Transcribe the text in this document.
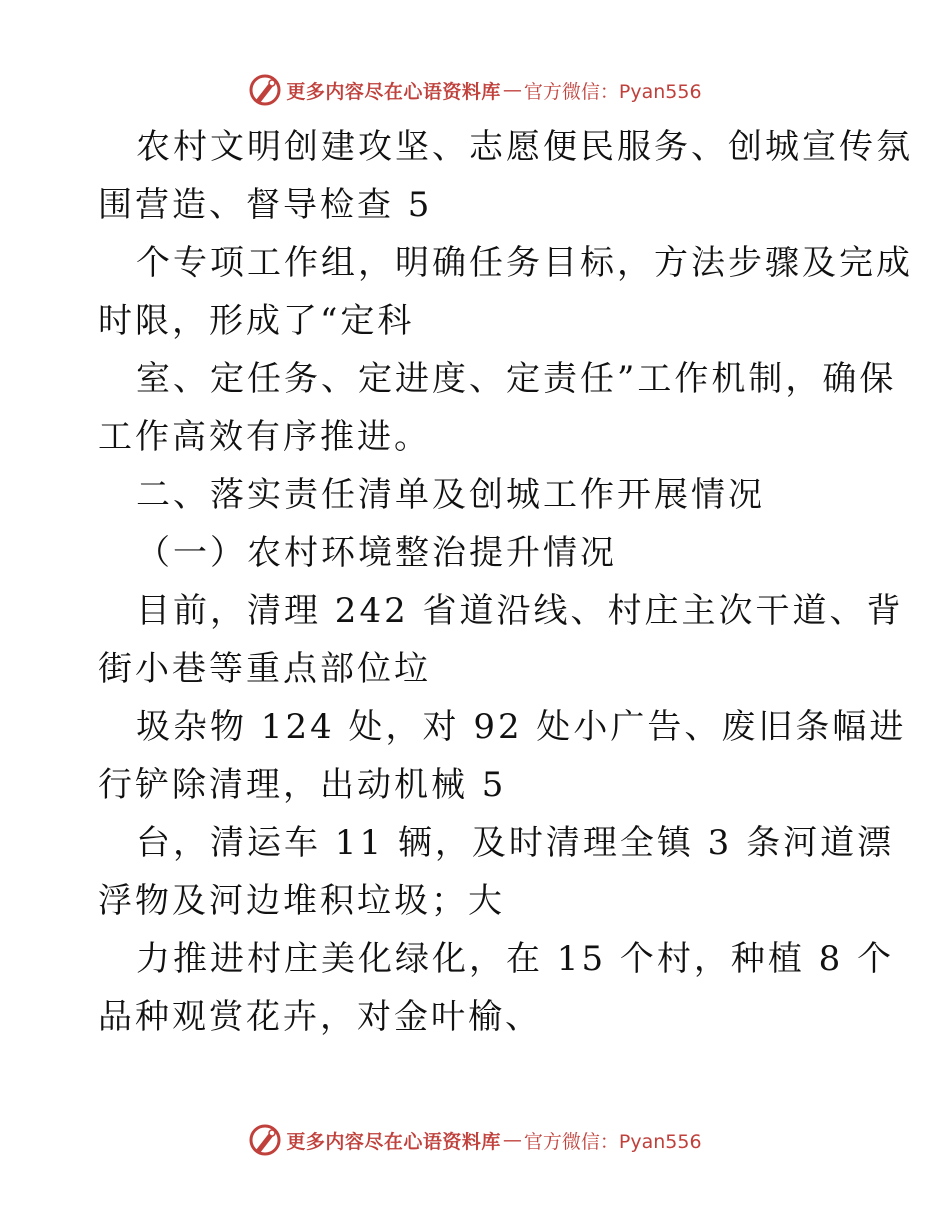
更多内容尽在心语资料库 — 官方微信：Pyan556
农村文明创建攻坚、志愿便民服务、创城宣传氛
围营造、督导检查 5
个专项工作组，明确任务目标，方法步骤及完成
时限，形成了“定科
室、定任务、定进度、定责任”工作机制，确保
工作高效有序推进。
二、落实责任清单及创城工作开展情况
（一）农村环境整治提升情况
目前，清理 242 省道沿线、村庄主次干道、背
街小巷等重点部位垃
圾杂物 124 处，对 92 处小广告、废旧条幅进
行铲除清理，出动机械 5
台，清运车 11 辆，及时清理全镇 3 条河道漂
浮物及河边堆积垃圾；大
力推进村庄美化绿化，在 15 个村，种植 8 个
品种观赏花卉，对金叶榆、
更多内容尽在心语资料库 — 官方微信：Pyan556
